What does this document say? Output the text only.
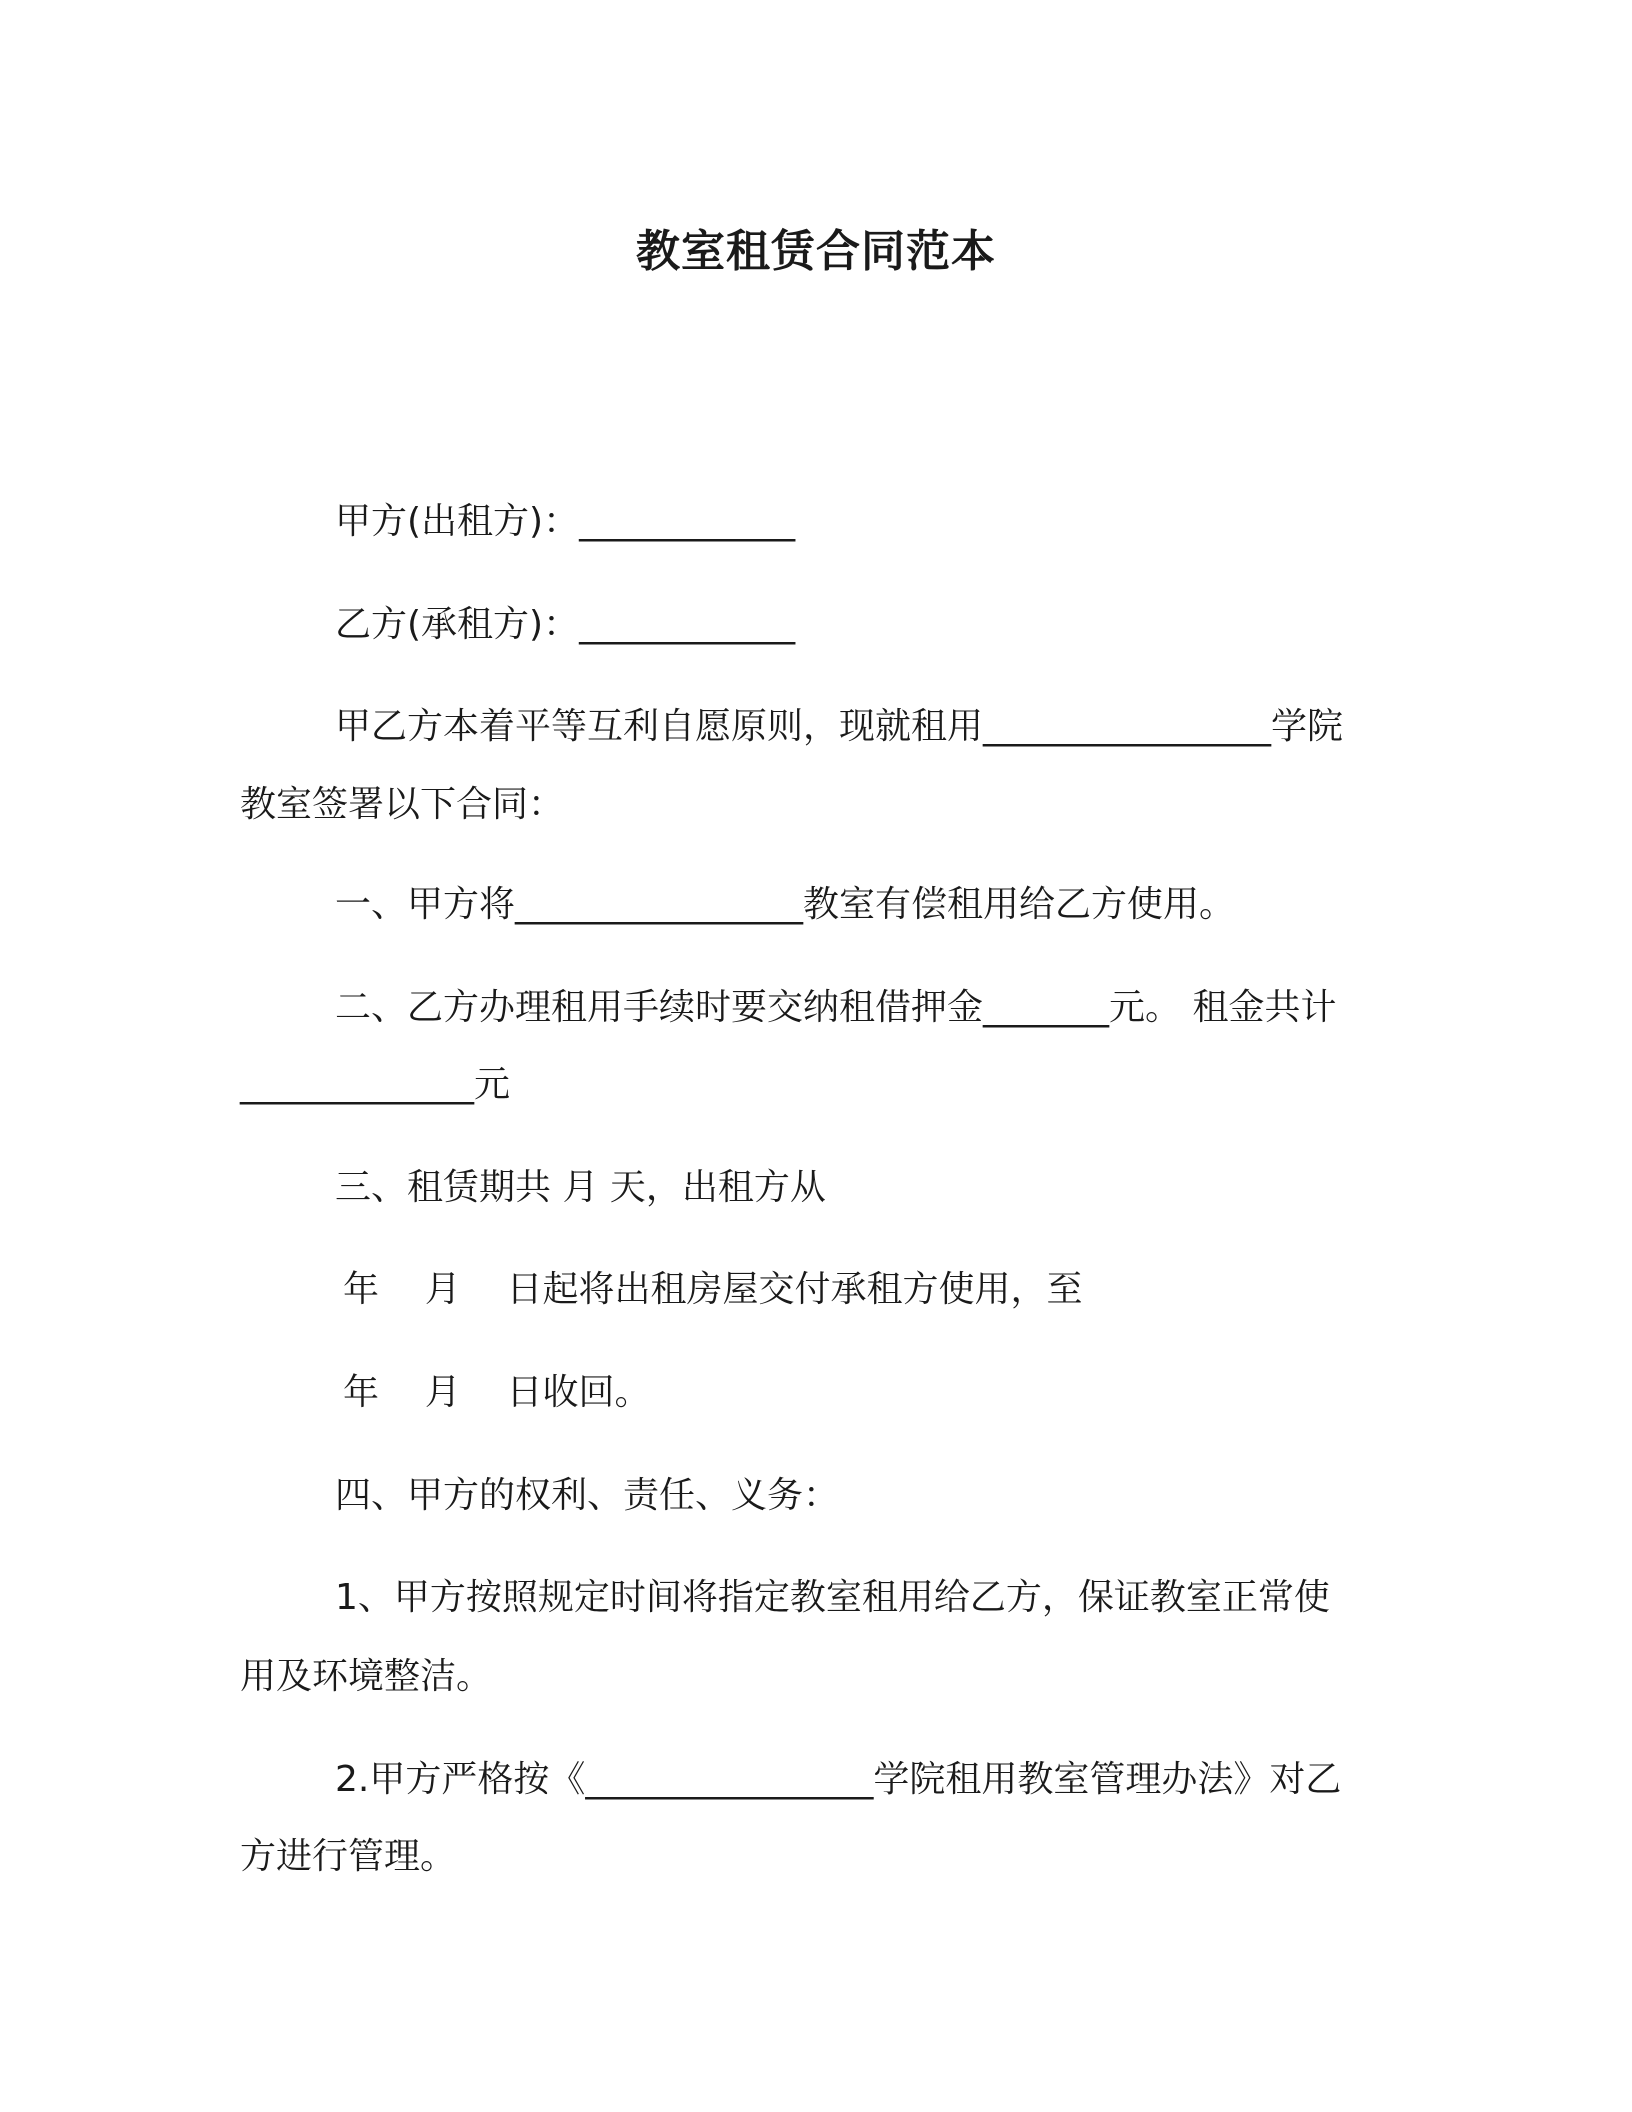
教室租赁合同范本
甲方(出租方)：____________
乙方(承租方)：____________
甲乙方本着平等互利自愿原则，现就租用________________学院
教室签署以下合同：
一、甲方将________________教室有偿租用给乙方使用。
二、乙方办理租用手续时要交纳租借押金_______元。 租金共计
_____________元
三、租赁期共 月 天，出租方从
年    月    日起将出租房屋交付承租方使用，至
年    月    日收回。
四、甲方的权利、责任、义务：
1、甲方按照规定时间将指定教室租用给乙方，保证教室正常使
用及环境整洁。
2.甲方严格按《________________学院租用教室管理办法》对乙
方进行管理。
